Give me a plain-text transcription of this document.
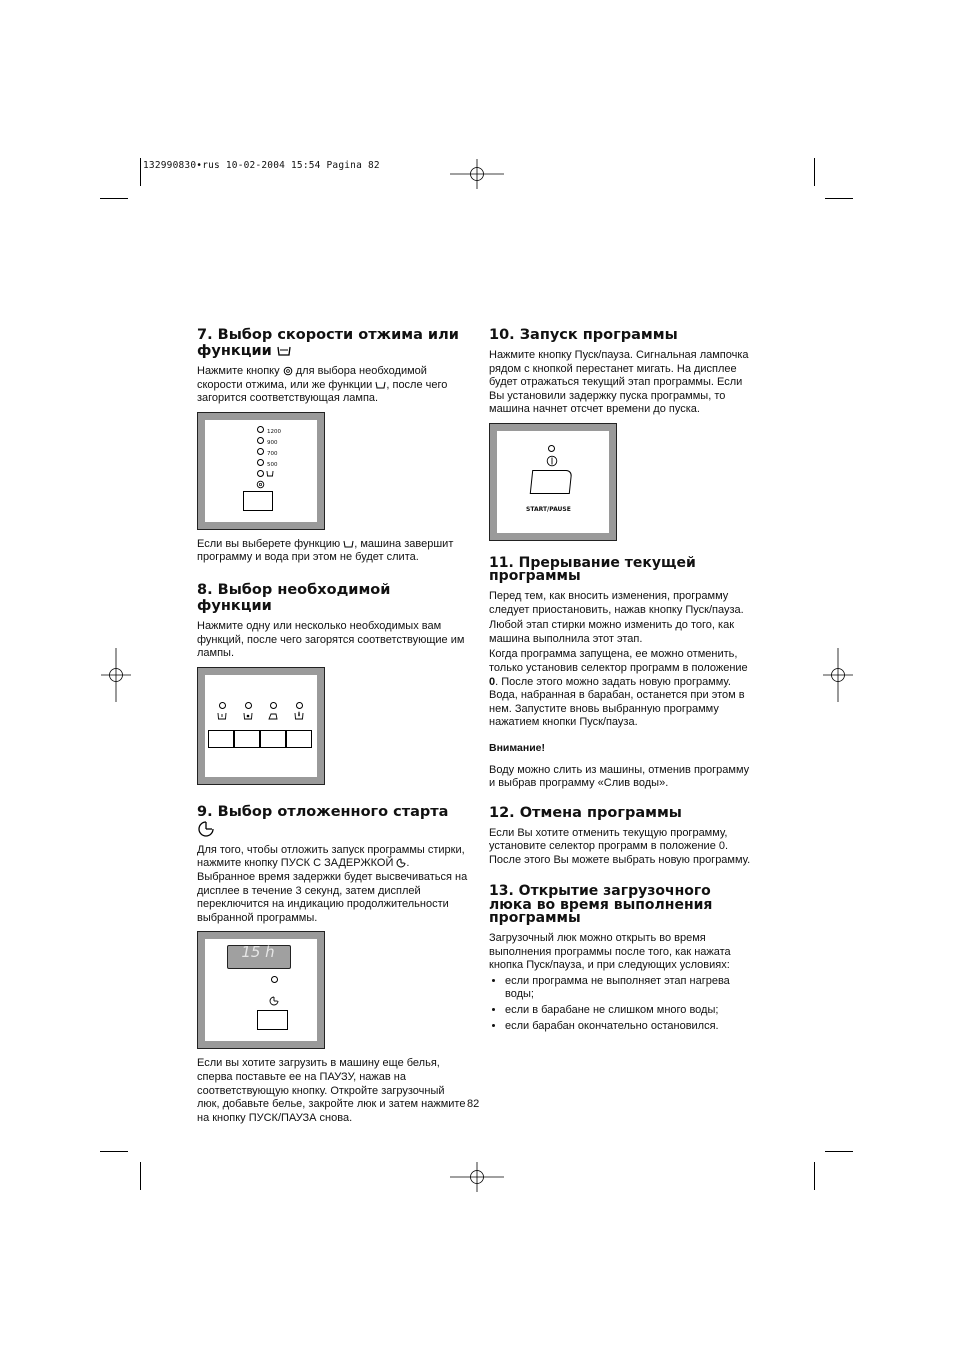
132990830•rus 10-02-2004 15:54 Pagina 82
7. Выбор скорости отжима или
функции

Нажмите кнопку для выбора необходимой скорости отжима, или же функции , после чего загорится соответствующая лампа.

1200
900
700
500

Если вы выберете функцию , машина завершит программу и вода при этом не будет слита.

8. Выбор необходимой функции

Нажмите одну или несколько необходимых вам функций, после чего загорятся соответствующие им лампы.

9. Выбор отложенного старта

Для того, чтобы отложить запуск программы стирки, нажмите кнопку ПУСК С ЗАДЕРЖКОЙ . Выбранное время задержки будет высвечиваться на дисплее в течение 3 секунд, затем дисплей переключится на индикацию продолжительности выбранной программы.

15 h

Если вы хотите загрузить в машину еще белья, сперва поставьте ее на ПАУЗУ, нажав на соответствующую кнопку. Откройте загрузочный люк, добавьте белье, закройте люк и затем нажмите на кнопку ПУСК/ПАУЗА снова.

10. Запуск программы

Нажмите кнопку Пуск/пауза. Сигнальная лампочка рядом с кнопкой перестанет мигать. На дисплее будет отражаться текущий этап программы. Если Вы установили задержку пуска программы, то машина начнет отсчет времени до пуска.

START/PAUSE
11. Прерывание текущей
программы

Перед тем, как вносить изменения, программу следует приостановить, нажав кнопку Пуск/пауза.

Любой этап стирки можно изменить до того, как машина выполнила этот этап.

Когда программа запущена, ее можно отменить, только установив селектор программ в положение 0. После этого можно задать новую программу. Вода, набранная в барабан, останется при этом в нем. Запустите вновь выбранную программу нажатием кнопки Пуск/пауза.

Внимание!

Воду можно слить из машины, отменив программу и выбрав программу «Слив воды».

12. Отмена программы

Если Вы хотите отменить текущую программу, установите селектор программ в положение 0. После этого Вы можете выбрать новую программу.

13. Открытие загрузочного
люка во время выполнения
программы

Загрузочный люк можно открыть во время выполнения программы после того, как нажата кнопка Пуск/пауза, и при следующих условиях:

• если программа не выполняет этап нагрева воды;
• если в барабане не слишком много воды;
• если барабан окончательно остановился.
82
